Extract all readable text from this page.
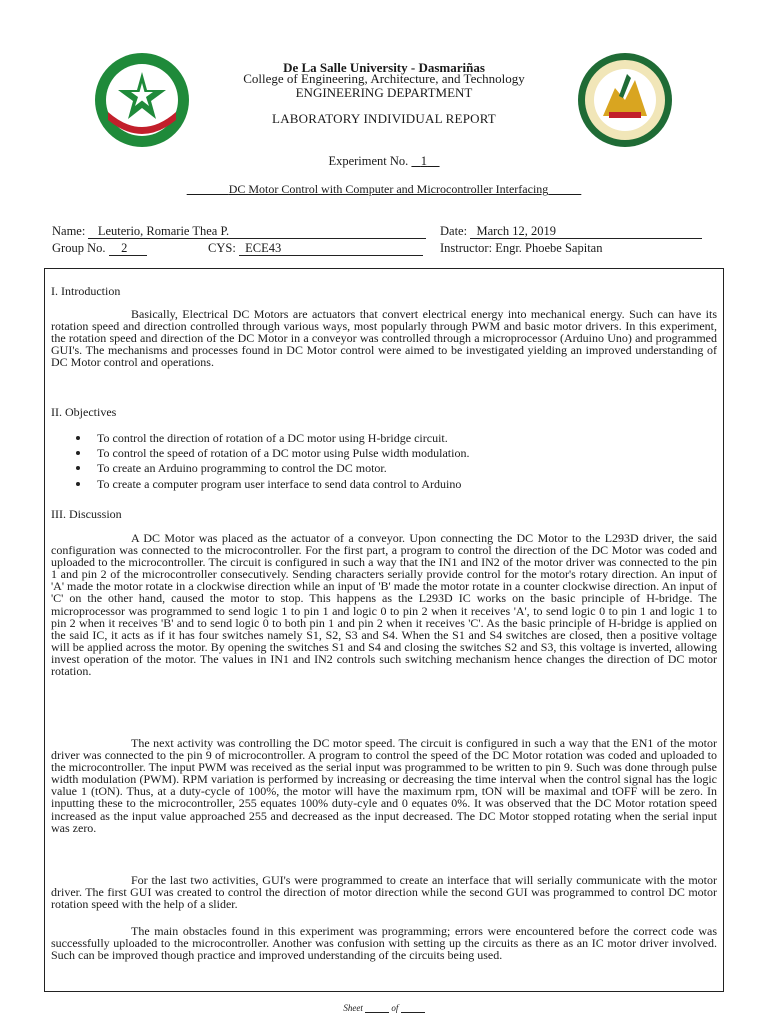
De La Salle University - Dasmariñas
College of Engineering, Architecture, and Technology
ENGINEERING DEPARTMENT
LABORATORY INDIVIDUAL REPORT
Experiment No. 1
DC Motor Control with Computer and Microcontroller Interfacing
Name: Leuterio, Romarie Thea P.	Date: March 12, 2019
Group No. 2	CYS: ECE43	Instructor: Engr. Phoebe Sapitan
I. Introduction

Basically, Electrical DC Motors are actuators that convert electrical energy into mechanical energy. Such can have its rotation speed and direction controlled through various ways, most popularly through PWM and basic motor drivers. In this experiment, the rotation speed and direction of the DC Motor in a conveyor was controlled through a microprocessor (Arduino Uno) and programmed GUI's. The mechanisms and processes found in DC Motor control were aimed to be investigated yielding an improved understanding of DC Motor control and operations.

II. Objectives
To control the direction of rotation of a DC motor using H-bridge circuit.
To control the speed of rotation of a DC motor using Pulse width modulation.
To create an Arduino programming to control the DC motor.
To create a computer program user interface to send data control to Arduino
III. Discussion

A DC Motor was placed as the actuator of a conveyor. Upon connecting the DC Motor to the L293D driver, the said configuration was connected to the microcontroller. For the first part, a program to control the direction of the DC Motor was coded and uploaded to the microcontroller. The circuit is configured in such a way that the IN1 and IN2 of the motor driver was connected to the pin 1 and pin 2 of the microcontroller consecutively. Sending characters serially provide control for the motor's rotary direction. An input of 'A' made the motor rotate in a clockwise direction while an input of 'B' made the motor rotate in a counter clockwise direction. An input of 'C' on the other hand, caused the motor to stop. This happens as the L293D IC works on the basic principle of H-bridge. The microprocessor was programmed to send logic 1 to pin 1 and logic 0 to pin 2 when it receives 'A', to send logic 0 to pin 1 and logic 1 to pin 2 when it receives 'B' and to send logic 0 to both pin 1 and pin 2 when it receives 'C'. As the basic principle of H-bridge is applied on the said IC, it acts as if it has four switches namely S1, S2, S3 and S4. When the S1 and S4 switches are closed, then a positive voltage will be applied across the motor. By opening the switches S1 and S4 and closing the switches S2 and S3, this voltage is inverted, allowing invest operation of the motor. The values in IN1 and IN2 controls such switching mechanism hence changes the direction of DC motor rotation.

The next activity was controlling the DC motor speed. The circuit is configured in such a way that the EN1 of the motor driver was connected to the pin 9 of microcontroller. A program to control the speed of the DC Motor rotation was coded and uploaded to the microcontroller. The input PWM was received as the serial input was programmed to be written to pin 9. Such was done through pulse width modulation (PWM). RPM variation is performed by increasing or decreasing the time interval when the control signal has the logic value 1 (tON). Thus, at a duty-cycle of 100%, the motor will have the maximum rpm, tON will be maximal and tOFF will be zero. In inputting these to the microcontroller, 255 equates 100% duty-cyle and 0 equates 0%. It was observed that the DC Motor rotation speed increased as the input value approached 255 and decreased as the input decreased. The DC Motor stopped rotating when the serial input was zero.

For the last two activities, GUI's were programmed to create an interface that will serially communicate with the motor driver. The first GUI was created to control the direction of motor direction while the second GUI was programmed to control DC motor rotation speed with the help of a slider.

The main obstacles found in this experiment was programming; errors were encountered before the correct code was successfully uploaded to the microcontroller. Another was confusion with setting up the circuits as there as an IC motor driver involved. Such can be improved though practice and improved understanding of the circuits being used.

Sheet	of
